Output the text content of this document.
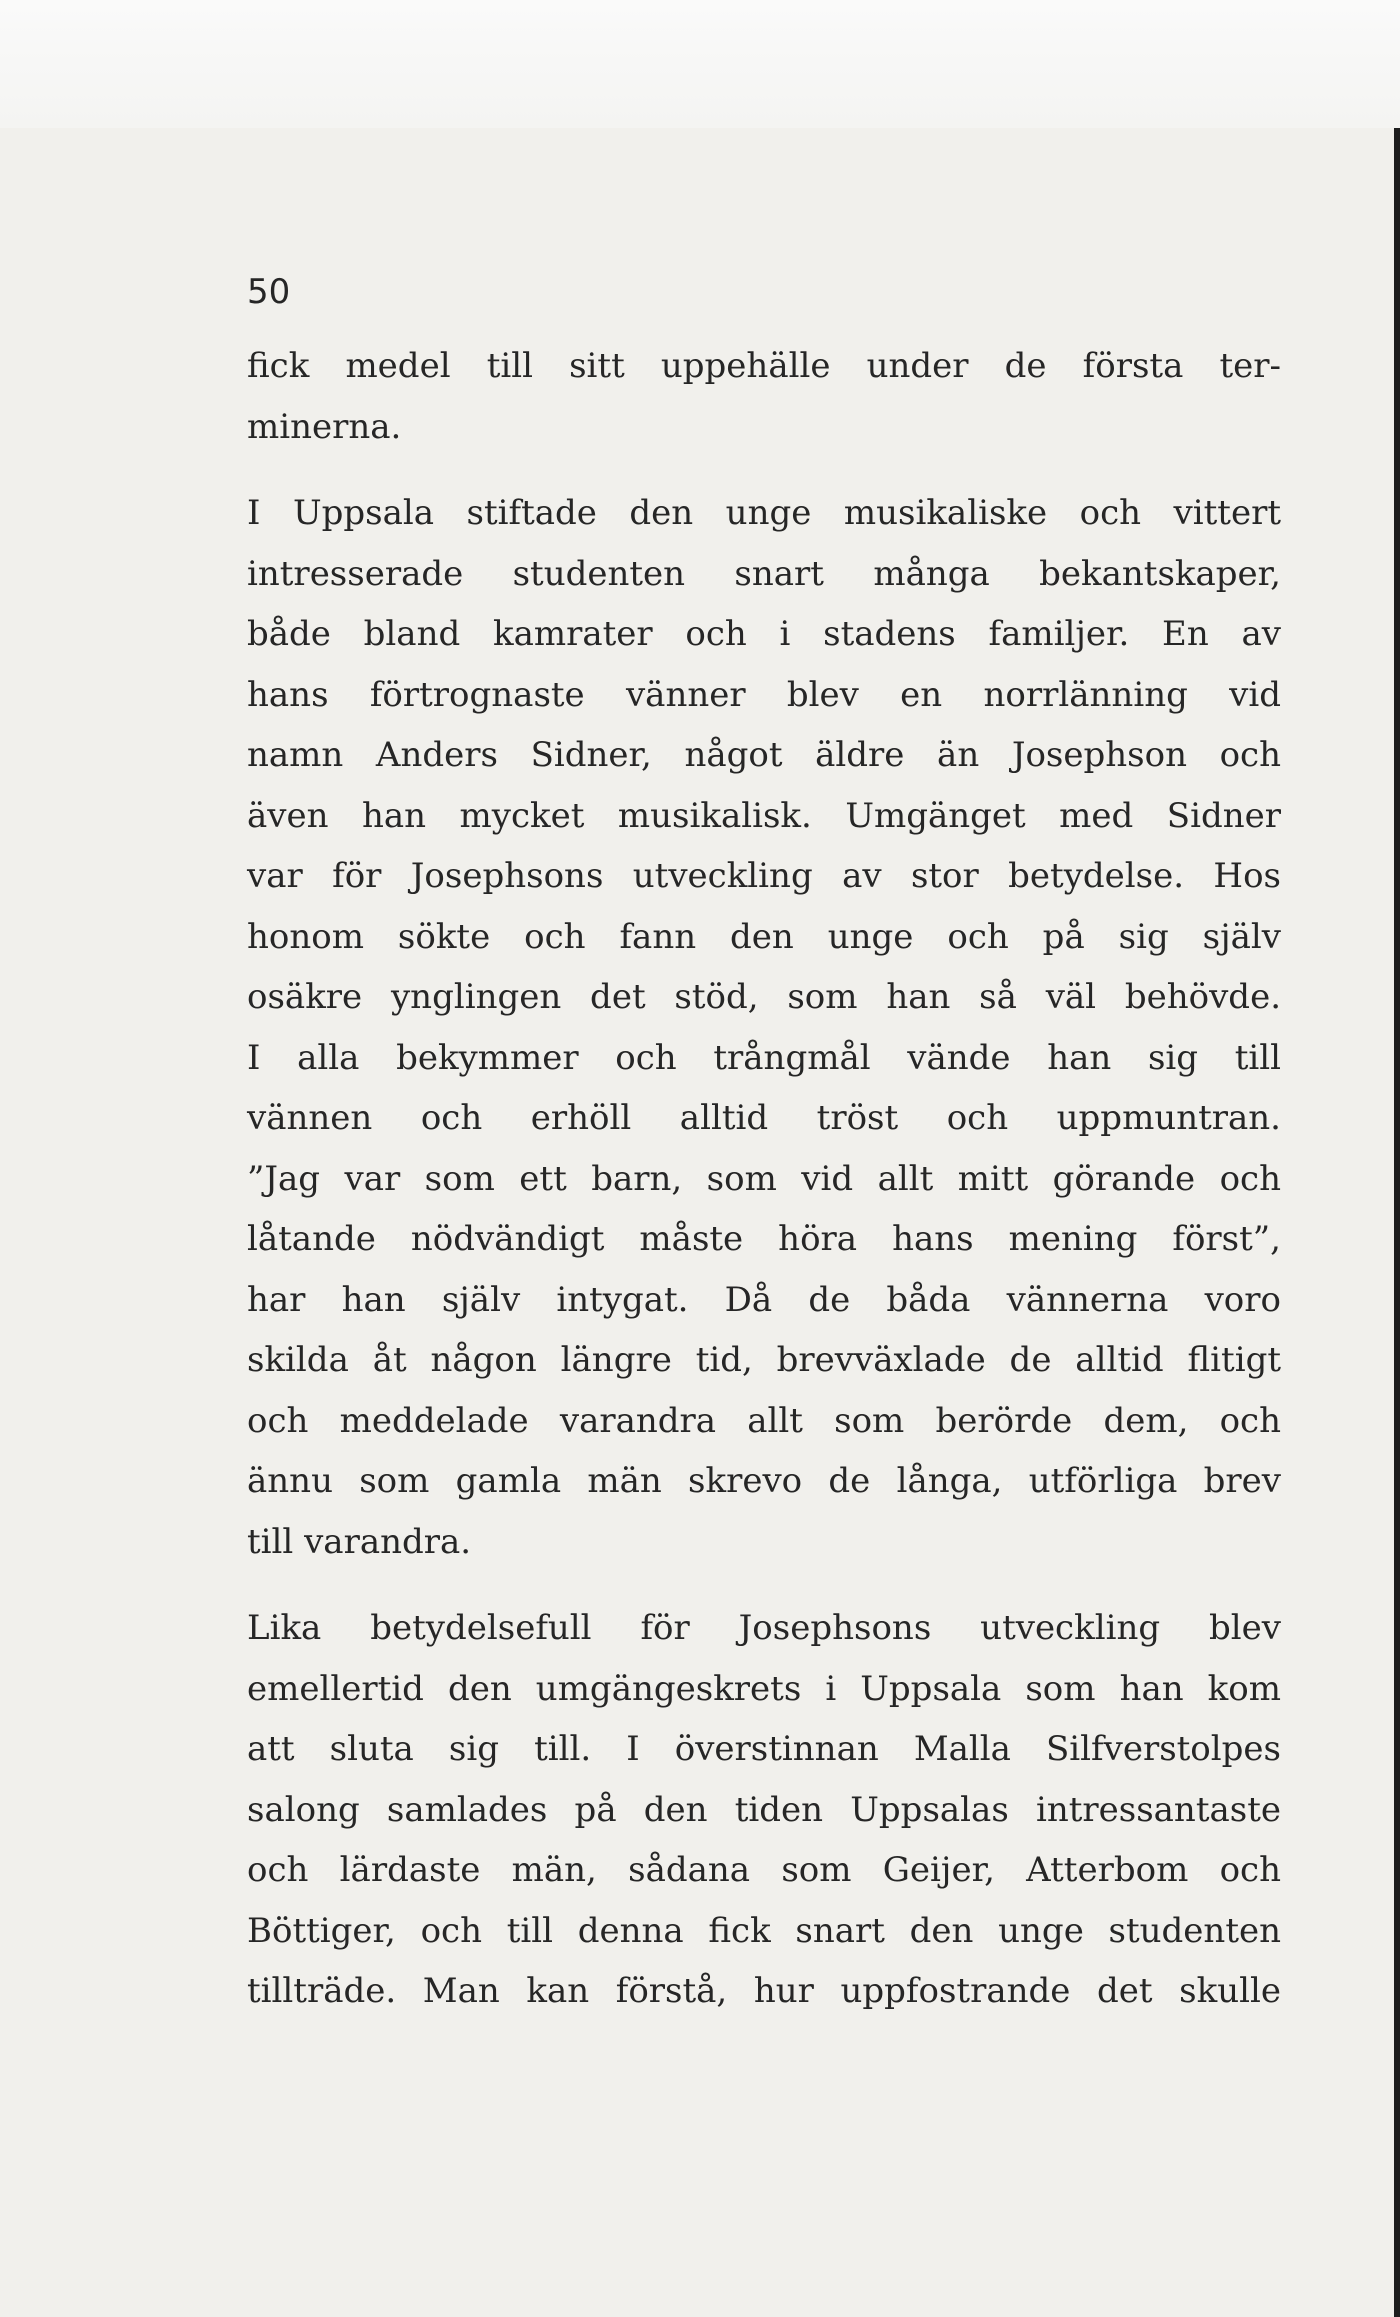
50

fick medel till sitt uppehälle under de första ter-
minerna.

I Uppsala stiftade den unge musikaliske och vittert
intresserade studenten snart många bekantskaper,
både bland kamrater och i stadens familjer. En av
hans förtrognaste vänner blev en norrlänning vid
namn Anders Sidner, något äldre än Josephson och
även han mycket musikalisk. Umgänget med Sidner
var för Josephsons utveckling av stor betydelse. Hos
honom sökte och fann den unge och på sig själv
osäkre ynglingen det stöd, som han så väl behövde.
I alla bekymmer och trångmål vände han sig till
vännen och erhöll alltid tröst och uppmuntran.
”Jag var som ett barn, som vid allt mitt görande och
låtande nödvändigt måste höra hans mening först”,
har han själv intygat. Då de båda vännerna voro
skilda åt någon längre tid, brevväxlade de alltid flitigt
och meddelade varandra allt som berörde dem, och
ännu som gamla män skrevo de långa, utförliga brev
till varandra.

Lika betydelsefull för Josephsons utveckling blev
emellertid den umgängeskrets i Uppsala som han kom
att sluta sig till. I överstinnan Malla Silfverstolpes
salong samlades på den tiden Uppsalas intressantaste
och lärdaste män, sådana som Geijer, Atterbom och
Böttiger, och till denna fick snart den unge studenten
tillträde. Man kan förstå, hur uppfostrande det skulle
